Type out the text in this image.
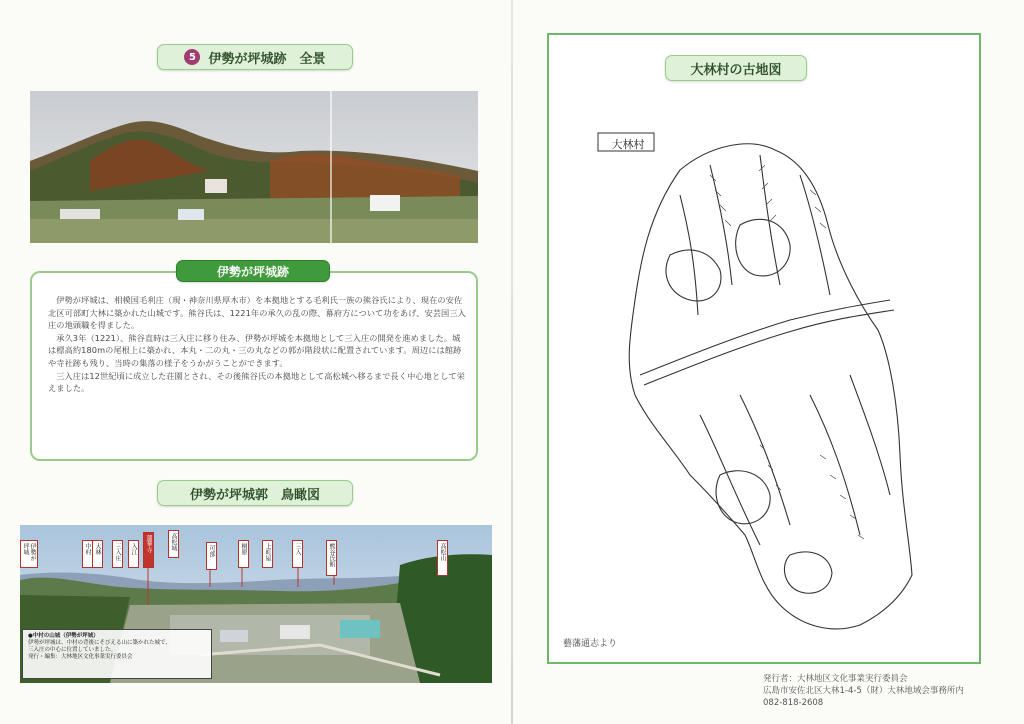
5 伊勢が坪城跡　全景
伊勢が坪城跡

伊勢が坪城は、相模国毛利庄（現・神奈川県厚木市）を本拠地とする毛利氏一族の熊谷氏により、現在の安佐北区可部町大林に築かれた山城です。熊谷氏は、1221年の承久の乱の際、幕府方について功をあげ、安芸国三入庄の地頭職を得ました。

承久3年（1221）、熊谷直時は三入庄に移り住み、伊勢が坪城を本拠地として三入庄の開発を進めました。城は標高約180mの尾根上に築かれ、本丸・二の丸・三の丸などの郭が階段状に配置されています。周辺には館跡や寺社跡も残り、当時の集落の様子をうかがうことができます。

三入庄は12世紀頃に成立した荘園とされ、その後熊谷氏の本拠地として高松城へ移るまで長く中心地として栄えました。

伊勢が坪城郭　鳥瞰図
伊勢が坪城	中村 大林	三入庄	入江	蓮華寺	高松城	可部	桐原	上町屋	三入	熊谷氏館	高松山
●中村の山城（伊勢が坪城）
伊勢が坪城は、中村の背後にそびえる山に築かれた城で、
三入庄の中心に位置していました。
発行・編集：大林地区文化事業実行委員会
大林村の古地図
大林村
藝藩通志より
発行者：大林地区文化事業実行委員会
広島市安佐北区大林1-4-5（財）大林地域会事務所内
082-818-2608
